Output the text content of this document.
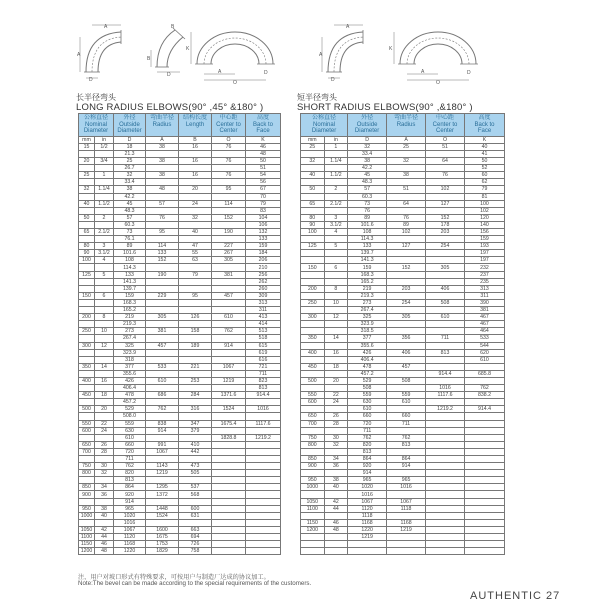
A
A
D
B
B
D
K
A
O
D
长半径弯头
LONG RADIUS ELBOWS(90° ,45° &180° )
公称直径
Nominal
Diameter		外径
Outside
Diameter	弯曲半径
Radius	结构长度
Length	中心距
Center to
Center	高度
Back to
Face
mm	in	D	A	B	O	K
15	1/2	18	38	16	76	46
		21.3				48
20	3/4	25	38	16	76	50
		26.7				51
25	1	32	38	16	76	54
		33.4				56
32	1.1/4	38	48	20	95	67
		42.2				70
40	1.1/2	45	57	24	114	79
		48.3				83
50	2	57	76	32	152	104
		60.3				106
65	2.1/2	73	95	40	190	132
		76.1				133
80	3	89	114	47	227	159
90	3.1/2	101.6	133	55	267	184
100	4	108	152	63	305	206
		114.3				210
125	5	133	190	79	381	256
		141.3				262
		139.7				260
150	6	159	229	95	457	309
		168.3				313
		165.2				311
200	8	219	305	126	610	413
		219.3				414
250	10	273	381	158	762	513
		267.4				518
300	12	325	457	189	914	615
		323.9				619
		318				616
350	14	377	533	221	1067	721
		355.6				711
400	16	426	610	253	1219	823
		406.4				813
450	18	478	686	284	1371.6	914.4
		457.2				
500	20	529	762	316	1524	1016
		508.0				
550	22	559	838	347	1675.4	1117.6
600	24	630	914	379		
		610			1828.8	1219.2
650	26	660	991	410		
700	28	720	1067	442		
		711				
750	30	762	1143	473		
800	32	820	1219	505		
		813				
850	34	864	1295	537		
900	36	920	1372	568		
		914				
950	38	965	1448	600		
1000	40	1020	1524	631		
		1016				
1050	42	1067	1600	663		
1100	44	1120	1675	694		
1150	46	1168	1753	726		
1200	48	1220	1829	758		
A
A
D
K
A
O
D
短半径弯头
SHORT RADIUS ELBOWS(90° ,&180° )
公称直径
Nominal
Diameter		外径
Outside
Diameter	弯曲半径
Radius	中心距
Center to
Center	高度
Back to
Face
mm	in	D	A	O	K
25	1	32	25	51	40
		33.4			41
32	1.1/4	38	32	64	50
		42.2			52
40	1.1/2	45	38	76	60
		48.3			62
50	2	57	51	102	79
		60.3			81
65	2.1/2	73	64	127	100
		76			102
80	3	89	76	152	120
90	3.1/2	101.6	89	178	140
100	4	108	102	203	156
		114.3			159
125	5	133	127	254	193
		139.7			197
		141.3			197
150	6	159	152	305	232
		168.3			237
		165.2			235
200	8	219	203	406	313
		219.3			311
250	10	273	254	508	390
		267.4			381
300	12	325	305	610	467
		323.9			467
		318.5			464
350	14	377	356	711	533
		355.6			544
400	16	426	406	813	620
		406.4			610
450	18	478	457		
		457.2		914.4	685.8
500	20	529	508		
		508		1016	762
550	22	559	559	1117.6	838.2
600	24	630	610		
		610		1219.2	914.4
650	26	660	660		
700	28	720	711		
		711			
750	30	762	762		
800	32	820	813		
		813			
850	34	864	864		
900	36	920	914		
		914			
950	38	965	965		
1000	40	1020	1016		
		1016			
1050	42	1067	1067		
1100	44	1120	1118		
		1118			
1150	46	1168	1168		
1200	48	1220	1219		
		1219			

注，用户对坡口形式有特殊要求，可按用户与制造厂达成的协议加工。
Note:The bevel can be made according to the special requirements of the customers.
AUTHENTIC 27
